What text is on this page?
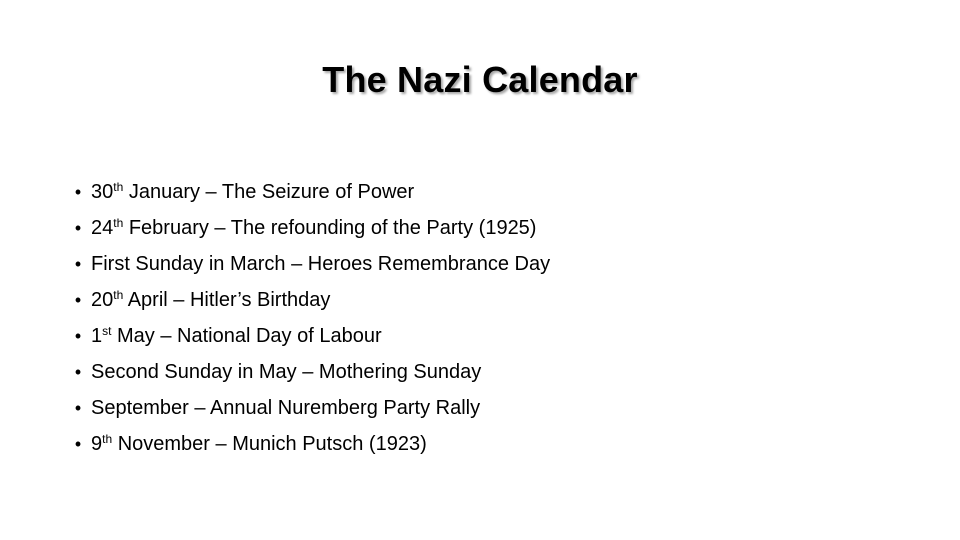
The Nazi Calendar
• 30th January – The Seizure of Power
• 24th February – The refounding of the Party (1925)
• First Sunday in March – Heroes Remembrance Day
• 20th April – Hitler’s Birthday
• 1st May – National Day of Labour
• Second Sunday in May – Mothering Sunday
• September – Annual Nuremberg Party Rally
• 9th November – Munich Putsch (1923)
